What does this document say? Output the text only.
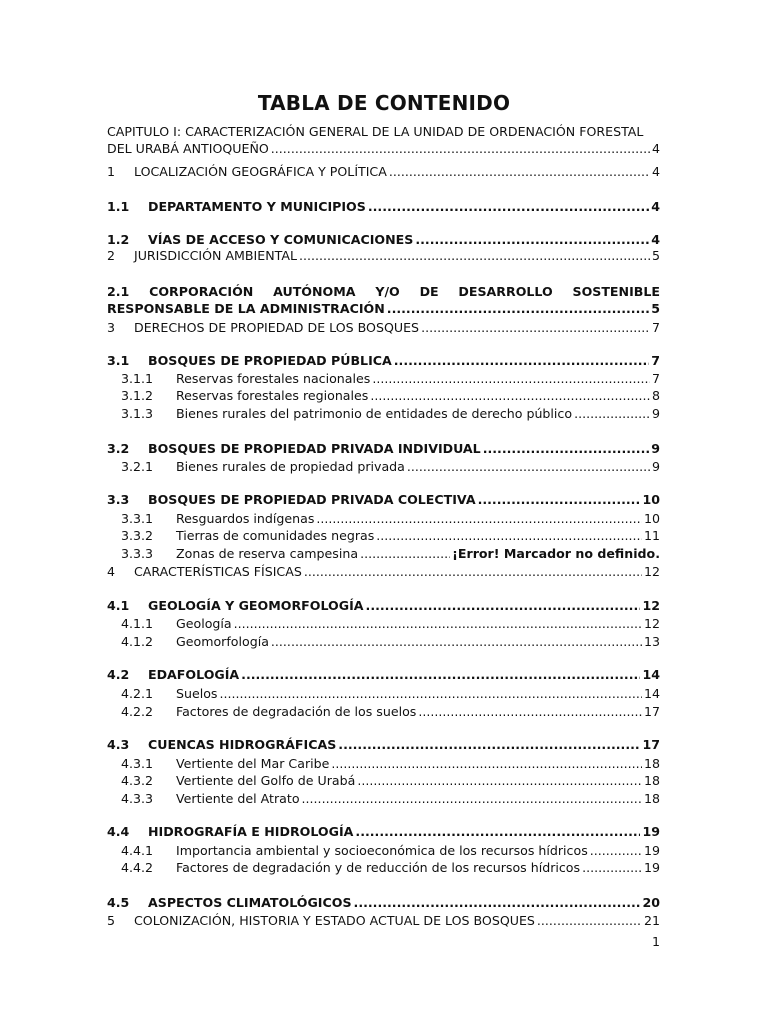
TABLA DE CONTENIDO
CAPITULO I: CARACTERIZACIÓN GENERAL DE LA UNIDAD DE ORDENACIÓN FORESTAL
DEL URABÁ ANTIOQUEÑO .....	4
1	LOCALIZACIÓN GEOGRÁFICA Y POLÍTICA .....	4
1.1	DEPARTAMENTO Y MUNICIPIOS .....	4
1.2	VÍAS DE ACCESO Y COMUNICACIONES .....	4
2	JURISDICCIÓN AMBIENTAL .....	5
2.1 CORPORACIÓN AUTÓNOMA Y/O DE DESARROLLO SOSTENIBLE
RESPONSABLE DE LA ADMINISTRACIÓN .....	5
3	DERECHOS DE PROPIEDAD DE LOS BOSQUES .....	7
3.1	BOSQUES DE PROPIEDAD PÚBLICA .....	7
3.1.1	Reservas forestales nacionales .....	7
3.1.2	Reservas forestales regionales .....	8
3.1.3	Bienes rurales del patrimonio de entidades de derecho público .....	9
3.2	BOSQUES DE PROPIEDAD PRIVADA INDIVIDUAL .....	9
3.2.1	Bienes rurales de propiedad privada .....	9
3.3	BOSQUES DE PROPIEDAD PRIVADA COLECTIVA .....	10
3.3.1	Resguardos indígenas .....	10
3.3.2	Tierras de comunidades negras .....	11
3.3.3	Zonas de reserva campesina .....	¡Error! Marcador no definido.
4	CARACTERÍSTICAS FÍSICAS .....	12
4.1	GEOLOGÍA Y GEOMORFOLOGÍA .....	12
4.1.1	Geología .....	12
4.1.2	Geomorfología .....	13
4.2	EDAFOLOGÍA .....	14
4.2.1	Suelos .....	14
4.2.2	Factores de degradación de los suelos .....	17
4.3	CUENCAS HIDROGRÁFICAS .....	17
4.3.1	Vertiente del Mar Caribe .....	18
4.3.2	Vertiente del Golfo de Urabá .....	18
4.3.3	Vertiente del Atrato .....	18
4.4	HIDROGRAFÍA E HIDROLOGÍA .....	19
4.4.1	Importancia ambiental y socioeconómica de los recursos hídricos .....	19
4.4.2	Factores de degradación y de reducción de los recursos hídricos .....	19
4.5	ASPECTOS CLIMATOLÓGICOS .....	20
5	COLONIZACIÓN, HISTORIA Y ESTADO ACTUAL DE LOS BOSQUES .....	21
1
